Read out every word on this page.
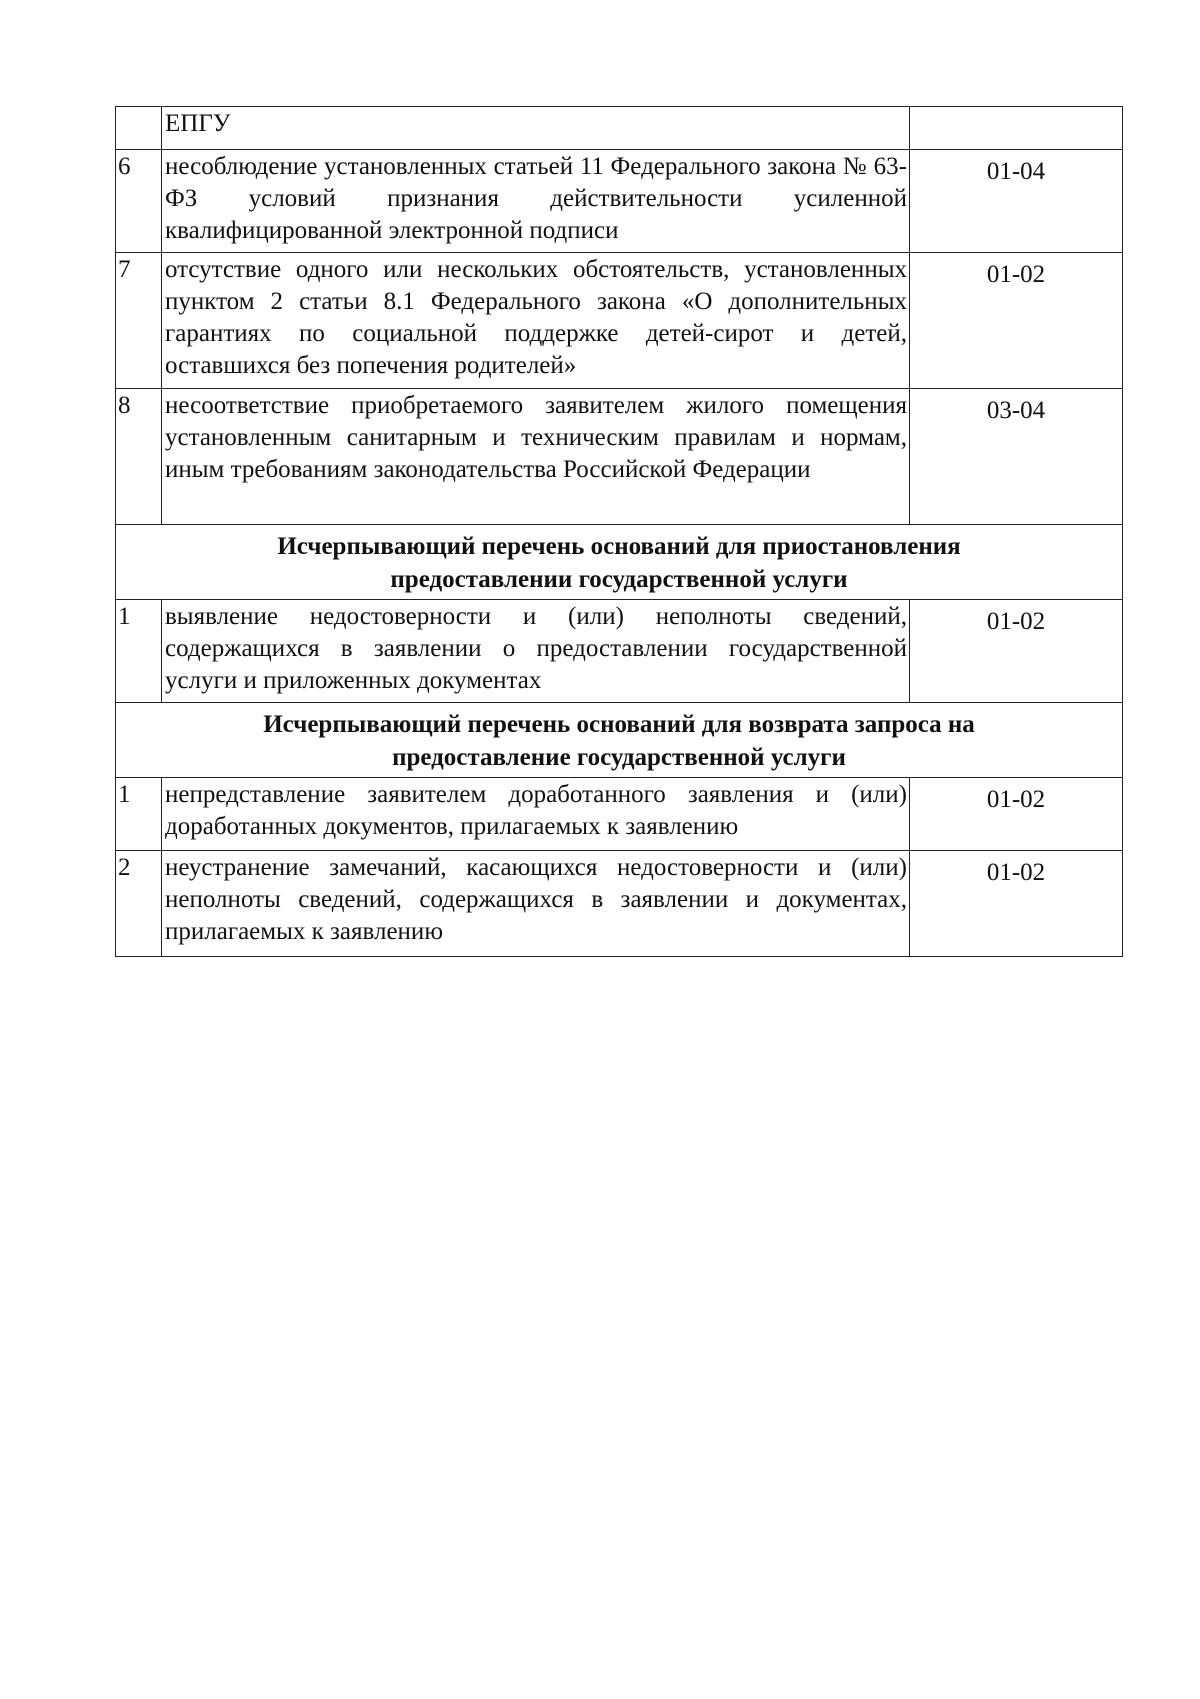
	ЕПГУ	
6	несоблюдение установленных статьей 11 Федерального закона № 63-ФЗ условий признания действительности усиленной квалифицированной электронной подписи	01-04
7	отсутствие одного или нескольких обстоятельств, установленных пунктом 2 статьи 8.1 Федерального закона «О дополнительных гарантиях по социальной поддержке детей-сирот и детей, оставшихся без попечения родителей»	01-02
8	несоответствие приобретаемого заявителем жилого помещения установленным санитарным и техническим правилам и нормам, иным требованиям законодательства Российской Федерации	03-04

Исчерпывающий перечень оснований для приостановления
предоставлении государственной услуги		

1	выявление недостоверности и (или) неполноты сведений, содержащихся в заявлении о предоставлении государственной услуги и приложенных документах	01-02

Исчерпывающий перечень оснований для возврата запроса на
предоставление государственной услуги		

1	непредставление заявителем доработанного заявления и (или) доработанных документов, прилагаемых к заявлению	01-02
2	неустранение замечаний, касающихся недостоверности и (или) неполноты сведений, содержащихся в заявлении и документах, прилагаемых к заявлению	01-02
